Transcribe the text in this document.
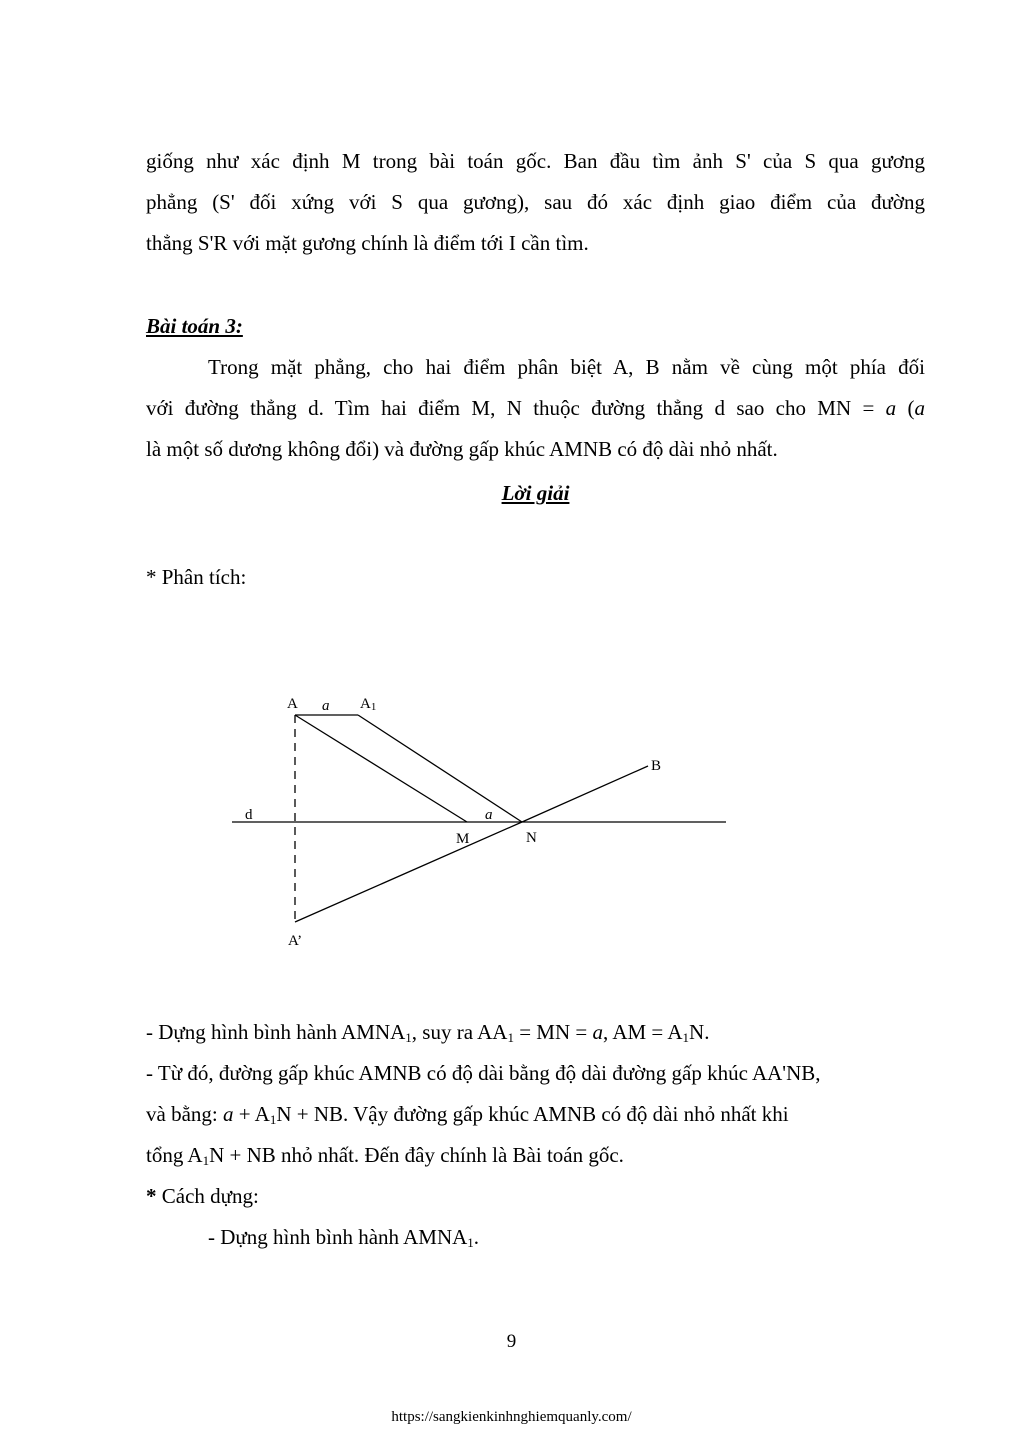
giống như xác định M trong bài toán gốc. Ban đầu tìm ảnh S' của S qua gương

phẳng (S' đối xứng với S qua gương), sau đó xác định giao điểm của đường

thẳng S'R với mặt gương chính là điểm tới I cần tìm.

Bài toán 3:

Trong mặt phẳng, cho hai điểm phân biệt A, B nằm về cùng một phía đối

với đường thẳng d. Tìm hai điểm M, N thuộc đường thẳng d sao cho MN = a (a

là một số dương không đổi) và đường gấp khúc AMNB có độ dài nhỏ nhất.

Lời giải

* Phân tích:

A a A1
B
d	a
M	N
A’

- Dựng hình bình hành $AMNA_1$, suy ra $AA_1$ = MN = a, AM = $A_1N$.

- Từ đó, đường gấp khúc AMNB có độ dài bằng độ dài đường gấp khúc AA'NB,

và bằng: $a + A_1N$ + NB. Vậy đường gấp khúc AMNB có độ dài nhỏ nhất khi

tổng $A_1N$ + NB nhỏ nhất. Đến đây chính là Bài toán gốc.

* Cách dựng:

- Dựng hình bình hành $AMNA_1$.

9
https://sangkienkinhnghiemquanly.com/
